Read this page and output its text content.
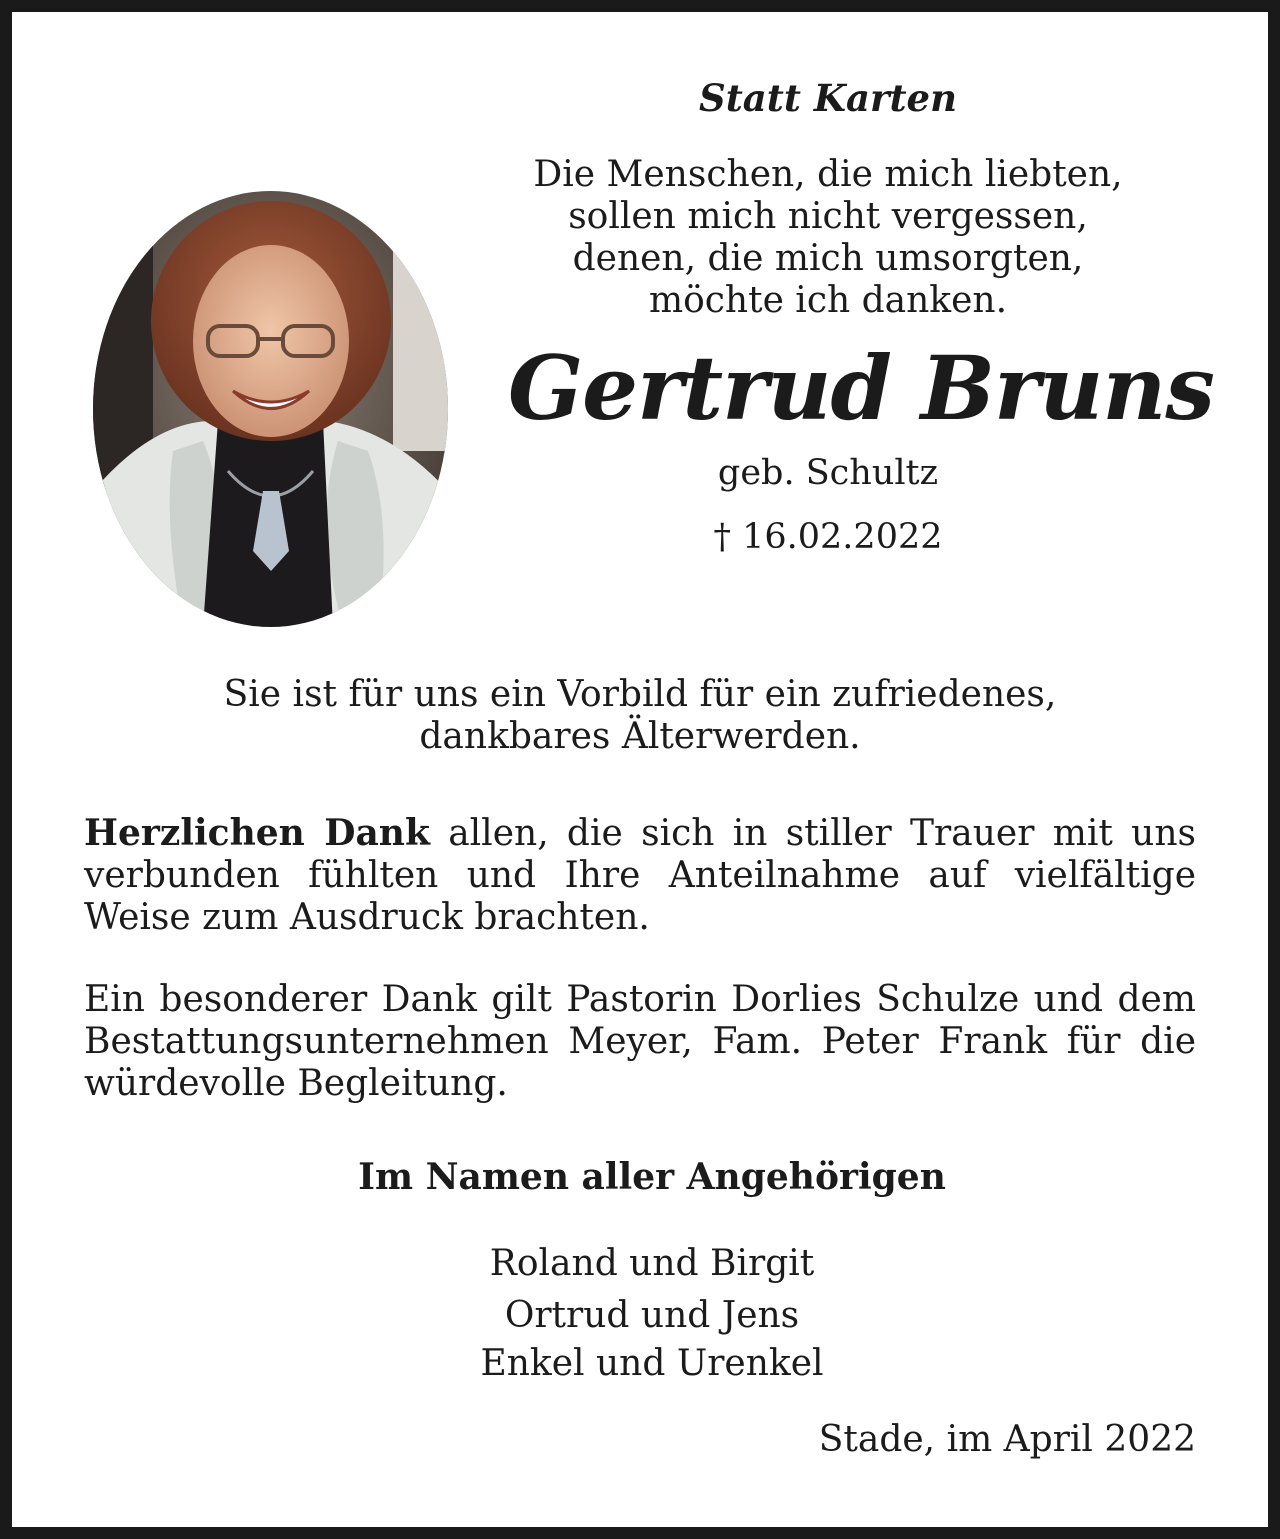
Statt Karten
Die Menschen, die mich liebten,
sollen mich nicht vergessen,
denen, die mich umsorgten,
möchte ich danken.
Gertrud Bruns
geb. Schultz
† 16.02.2022
Sie ist für uns ein Vorbild für ein zufriedenes,
dankbares Älterwerden.
Herzlichen Dank allen, die sich in stiller Trauer mit uns verbunden fühlten und Ihre Anteilnahme auf vielfältige Weise zum Ausdruck brachten.
Ein besonderer Dank gilt Pastorin Dorlies Schulze und dem Bestattungsunternehmen Meyer, Fam. Peter Frank für die würdevolle Begleitung.
Im Namen aller Angehörigen
Roland und Birgit
Ortrud und Jens
Enkel und Urenkel
Stade, im April 2022
